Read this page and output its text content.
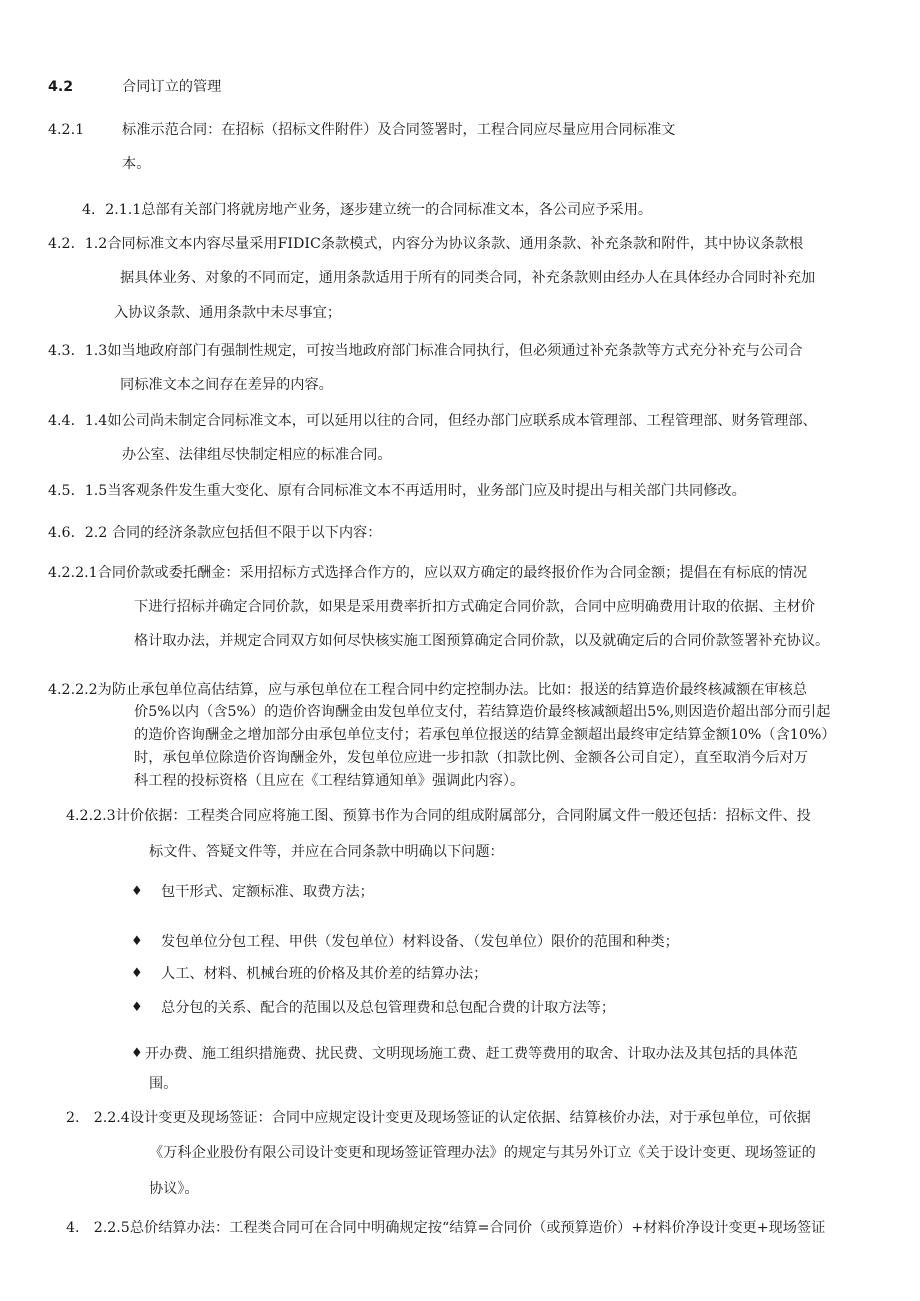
4.2	合同订立的管理
4.2.1	标准示范合同：在招标（招标文件附件）及合同签署时，工程合同应尽量应用合同标准文
本。
4．2.1.1总部有关部门将就房地产业务，逐步建立统一的合同标准文本，各公司应予采用。
4.2．1.2合同标准文本内容尽量采用FIDIC条款模式，内容分为协议条款、通用条款、补充条款和附件，其中协议条款根
据具体业务、对象的不同而定，通用条款适用于所有的同类合同，补充条款则由经办人在具体经办合同时补充加
入协议条款、通用条款中未尽事宜；
4.3．1.3如当地政府部门有强制性规定，可按当地政府部门标准合同执行，但必须通过补充条款等方式充分补充与公司合
同标准文本之间存在差异的内容。
4.4．1.4如公司尚未制定合同标准文本，可以延用以往的合同，但经办部门应联系成本管理部、工程管理部、财务管理部、
办公室、法律组尽快制定相应的标准合同。
4.5．1.5当客观条件发生重大变化、原有合同标准文本不再适用时，业务部门应及时提出与相关部门共同修改。
4.6．2.2 合同的经济条款应包括但不限于以下内容：
4.2.2.1合同价款或委托酬金：采用招标方式选择合作方的，应以双方确定的最终报价作为合同金额；提倡在有标底的情况
下进行招标并确定合同价款，如果是采用费率折扣方式确定合同价款，合同中应明确费用计取的依据、主材价
格计取办法，并规定合同双方如何尽快核实施工图预算确定合同价款，以及就确定后的合同价款签署补充协议。
4.2.2.2为防止承包单位高估结算，应与承包单位在工程合同中约定控制办法。比如：报送的结算造价最终核减额在审核总
价5%以内（含5%）的造价咨询酬金由发包单位支付，若结算造价最终核减额超出5%,则因造价超出部分而引起
的造价咨询酬金之增加部分由承包单位支付；若承包单位报送的结算金额超出最终审定结算金额10%（含10%）
时，承包单位除造价咨询酬金外，发包单位应进一步扣款（扣款比例、金额各公司自定），直至取消今后对万
科工程的投标资格（且应在《工程结算通知单》强调此内容）。
4.2.2.3计价依据：工程类合同应将施工图、预算书作为合同的组成附属部分，合同附属文件一般还包括：招标文件、投
标文件、答疑文件等，并应在合同条款中明确以下问题：
♦ 包干形式、定额标准、取费方法；
♦ 发包单位分包工程、甲供（发包单位）材料设备、（发包单位）限价的范围和种类；
♦ 人工、材料、机械台班的价格及其价差的结算办法；
♦ 总分包的关系、配合的范围以及总包管理费和总包配合费的计取方法等；
♦ 开办费、施工组织措施费、扰民费、文明现场施工费、赶工费等费用的取舍、计取办法及其包括的具体范
围。
2.　2.2.4设计变更及现场签证：合同中应规定设计变更及现场签证的认定依据、结算核价办法，对于承包单位，可依据
《万科企业股份有限公司设计变更和现场签证管理办法》的规定与其另外订立《关于设计变更、现场签证的
协议》。
4.　2.2.5总价结算办法：工程类合同可在合同中明确规定按“结算=合同价（或预算造价）+材料价净设计变更+现场签证
